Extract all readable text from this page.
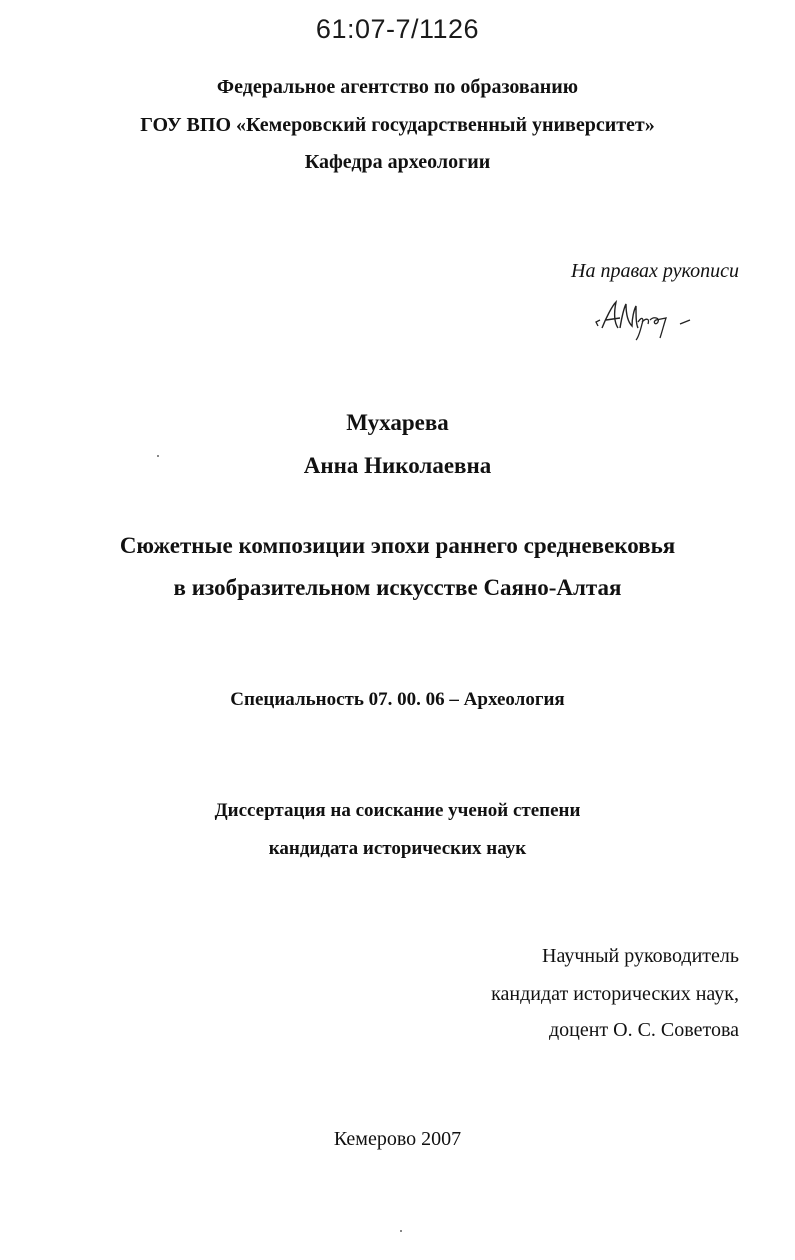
61:07-7/1126
Федеральное агентство по образованию
ГОУ ВПО «Кемеровский государственный университет»
Кафедра археологии
На правах рукописи
Мухарева
Анна Николаевна
Сюжетные композиции эпохи раннего средневековья
в изобразительном искусстве Саяно-Алтая
Специальность 07. 00. 06 – Археология
Диссертация на соискание ученой степени
кандидата исторических наук
Научный руководитель
кандидат исторических наук,
доцент О. С. Советова
Кемерово 2007
